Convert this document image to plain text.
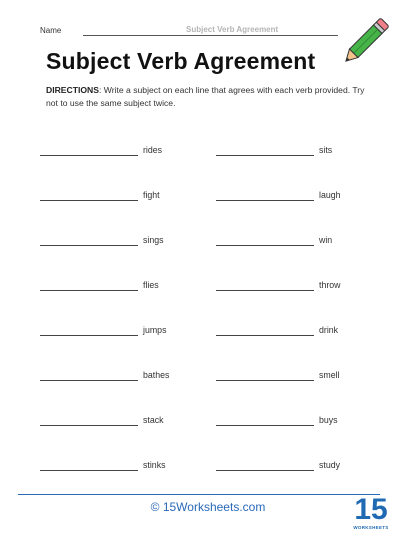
Name	Subject Verb Agreement
Subject Verb Agreement
DIRECTIONS: Write a subject on each line that agrees with each verb provided. Try not to use the same subject twice.
rides
fight
sings
flies
jumps
bathes
stack
stinks
sits
laugh
win
throw
drink
smell
buys
study
© 15Worksheets.com	15
WORKSHEETS
